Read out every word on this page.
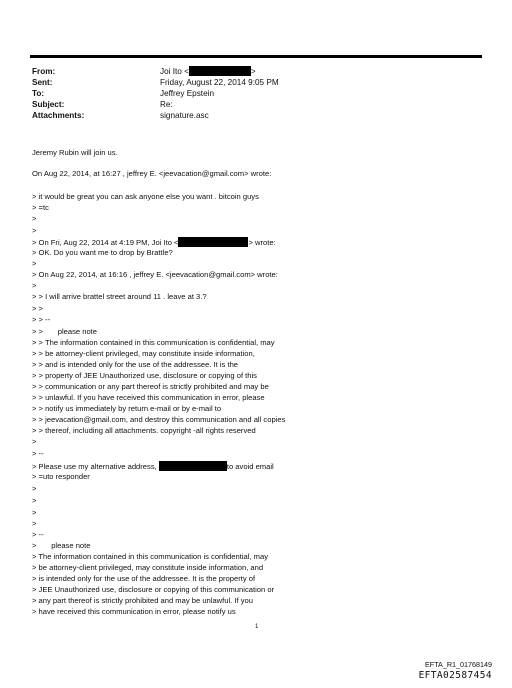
From:	Joi Ito <	>
Sent:	Friday, August 22, 2014 9:05 PM
To:	Jeffrey Epstein
Subject:	Re:
Attachments:	signature.asc
Jeremy Rubin will join us.
On Aug 22, 2014, at 16:27 , jeffrey E. <jeevacation@gmail.com> wrote:
> it would be great you can ask anyone else you want . bitcoin guys
> =tc
>
>
> On Fri, Aug 22, 2014 at 4:19 PM, Joi Ito <	> wrote:
> OK. Do you want me to drop by Brattle?
>
> On Aug 22, 2014, at 16:16 , jeffrey E. <jeevacation@gmail.com> wrote:
>
> > I will arrive brattel street around 11 . leave at 3.?
> >
> > --
> >       please note
> > The information contained in this communication is confidential, may
> > be attorney-client privileged, may constitute inside information,
> > and is intended only for the use of the addressee. It is the
> > property of JEE Unauthorized use, disclosure or copying of this
> > communication or any part thereof is strictly prohibited and may be
> > unlawful. If you have received this communication in error, please
> > notify us immediately by return e-mail or by e-mail to
> > jeevacation@gmail.com, and destroy this communication and all copies
> > thereof, including all attachments. copyright -all rights reserved
>
> --
> Please use my alternative address,	to avoid email
> =uto responder
>
>
>
>
> --
>       please note
> The information contained in this communication is confidential, may
> be attorney-client privileged, may constitute inside information, and
> is intended only for the use of the addressee. It is the property of
> JEE Unauthorized use, disclosure or copying of this communication or
> any part thereof is strictly prohibited and may be unlawful. If you
> have received this communication in error, please notify us
1
EFTA_R1_01768149
EFTA02587454
